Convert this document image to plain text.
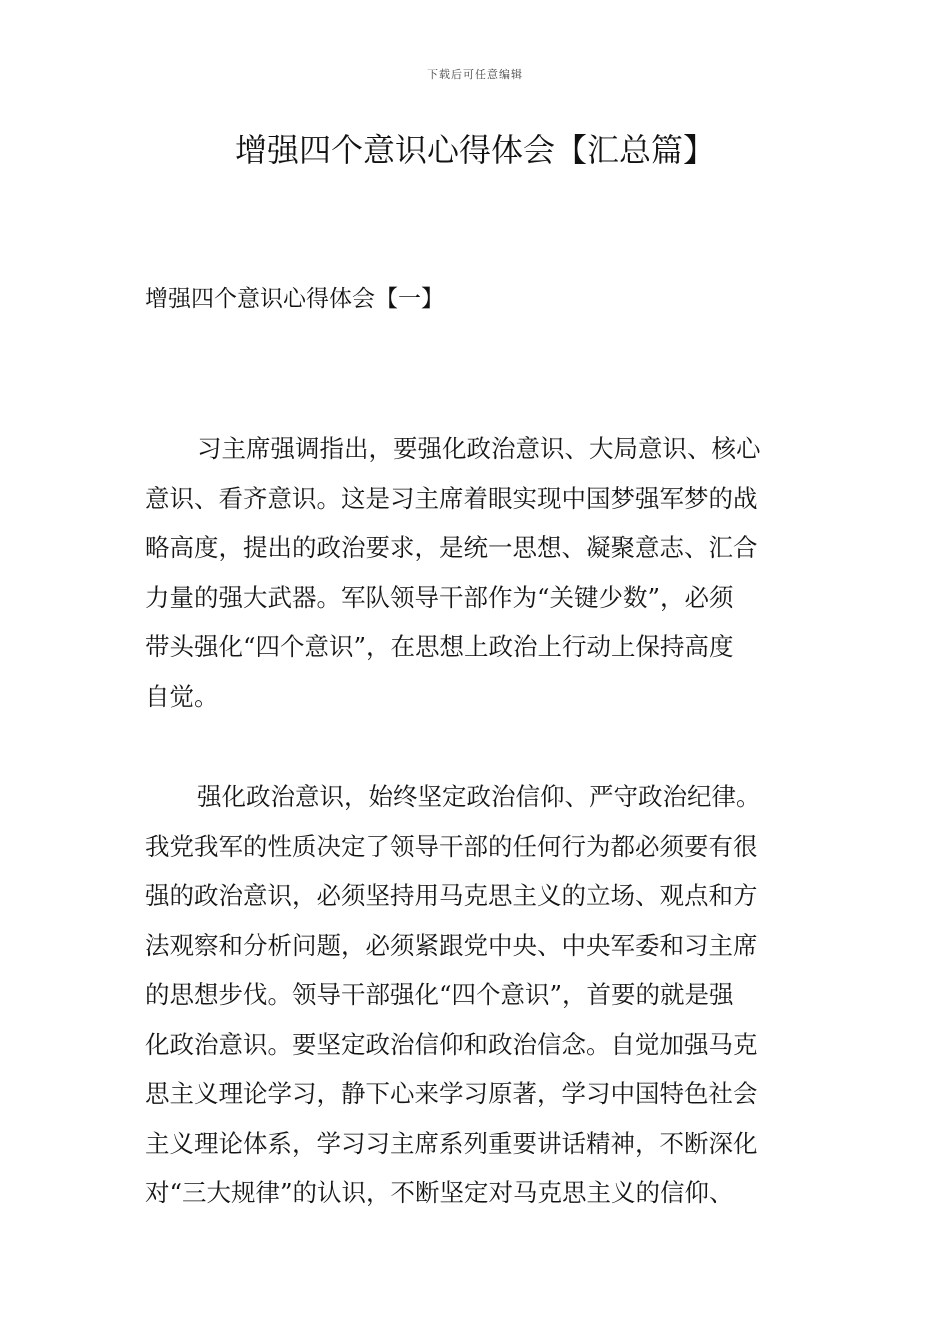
下载后可任意编辑
增强四个意识心得体会【汇总篇】
增强四个意识心得体会【一】

习主席强调指出，要强化政治意识、大局意识、核心
意识、看齐意识。这是习主席着眼实现中国梦强军梦的战
略高度，提出的政治要求，是统一思想、凝聚意志、汇合
力量的强大武器。军队领导干部作为“关键少数”，必须
带头强化“四个意识”，在思想上政治上行动上保持高度
自觉。

强化政治意识，始终坚定政治信仰、严守政治纪律。
我党我军的性质决定了领导干部的任何行为都必须要有很
强的政治意识，必须坚持用马克思主义的立场、观点和方
法观察和分析问题，必须紧跟党中央、中央军委和习主席
的思想步伐。领导干部强化“四个意识”，首要的就是强
化政治意识。要坚定政治信仰和政治信念。自觉加强马克
思主义理论学习，静下心来学习原著，学习中国特色社会
主义理论体系，学习习主席系列重要讲话精神，不断深化
对“三大规律”的认识，不断坚定对马克思主义的信仰、
